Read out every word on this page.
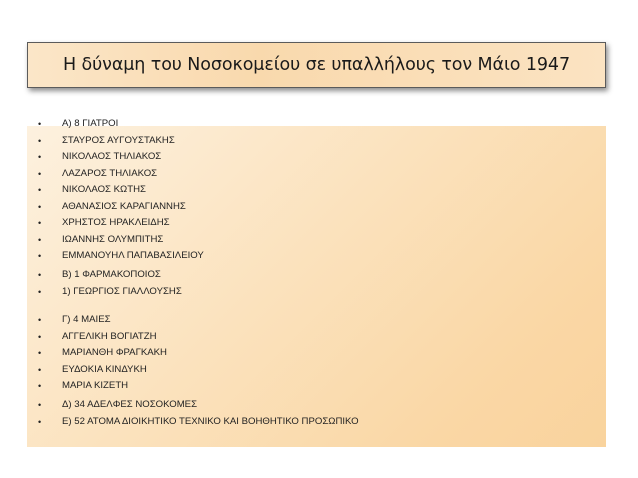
Η δύναμη του Νοσοκομείου σε υπαλλήλους τον Μάιο 1947
• Α) 8 ΓΙΑΤΡΟΙ
• ΣΤΑΥΡΟΣ ΑΥΓΟΥΣΤΑΚΗΣ
• ΝΙΚΟΛΑΟΣ ΤΗΛΙΑΚΟΣ
• ΛΑΖΑΡΟΣ ΤΗΛΙΑΚΟΣ
• ΝΙΚΟΛΑΟΣ ΚΩΤΗΣ
• ΑΘΑΝΑΣΙΟΣ ΚΑΡΑΓΙΑΝΝΗΣ
• ΧΡΗΣΤΟΣ ΗΡΑΚΛΕΙΔΗΣ
• ΙΩΑΝΝΗΣ ΟΛΥΜΠΙΤΗΣ
• ΕΜΜΑΝΟΥΗΛ ΠΑΠΑΒΑΣΙΛΕΙΟΥ
• Β) 1 ΦΑΡΜΑΚΟΠΟΙΟΣ
• 1) ΓΕΩΡΓΙΟΣ ΓΙΑΛΛΟΥΣΗΣ
• Γ) 4 ΜΑΙΕΣ
• ΑΓΓΕΛΙΚΗ ΒΟΓΙΑΤΖΗ
• ΜΑΡΙΑΝΘΗ ΦΡΑΓΚΑΚΗ
• ΕΥΔΟΚΙΑ ΚΙΝΔΥΚΗ
• ΜΑΡΙΑ ΚΙΖΕΤΗ
• Δ) 34 ΑΔΕΛΦΕΣ ΝΟΣΟΚΟΜΕΣ
• Ε) 52 ΑΤΟΜΑ ΔΙΟΙΚΗΤΙΚΟ ΤΕΧΝΙΚΟ ΚΑΙ ΒΟΗΘΗΤΙΚΟ ΠΡΟΣΩΠΙΚΟ
